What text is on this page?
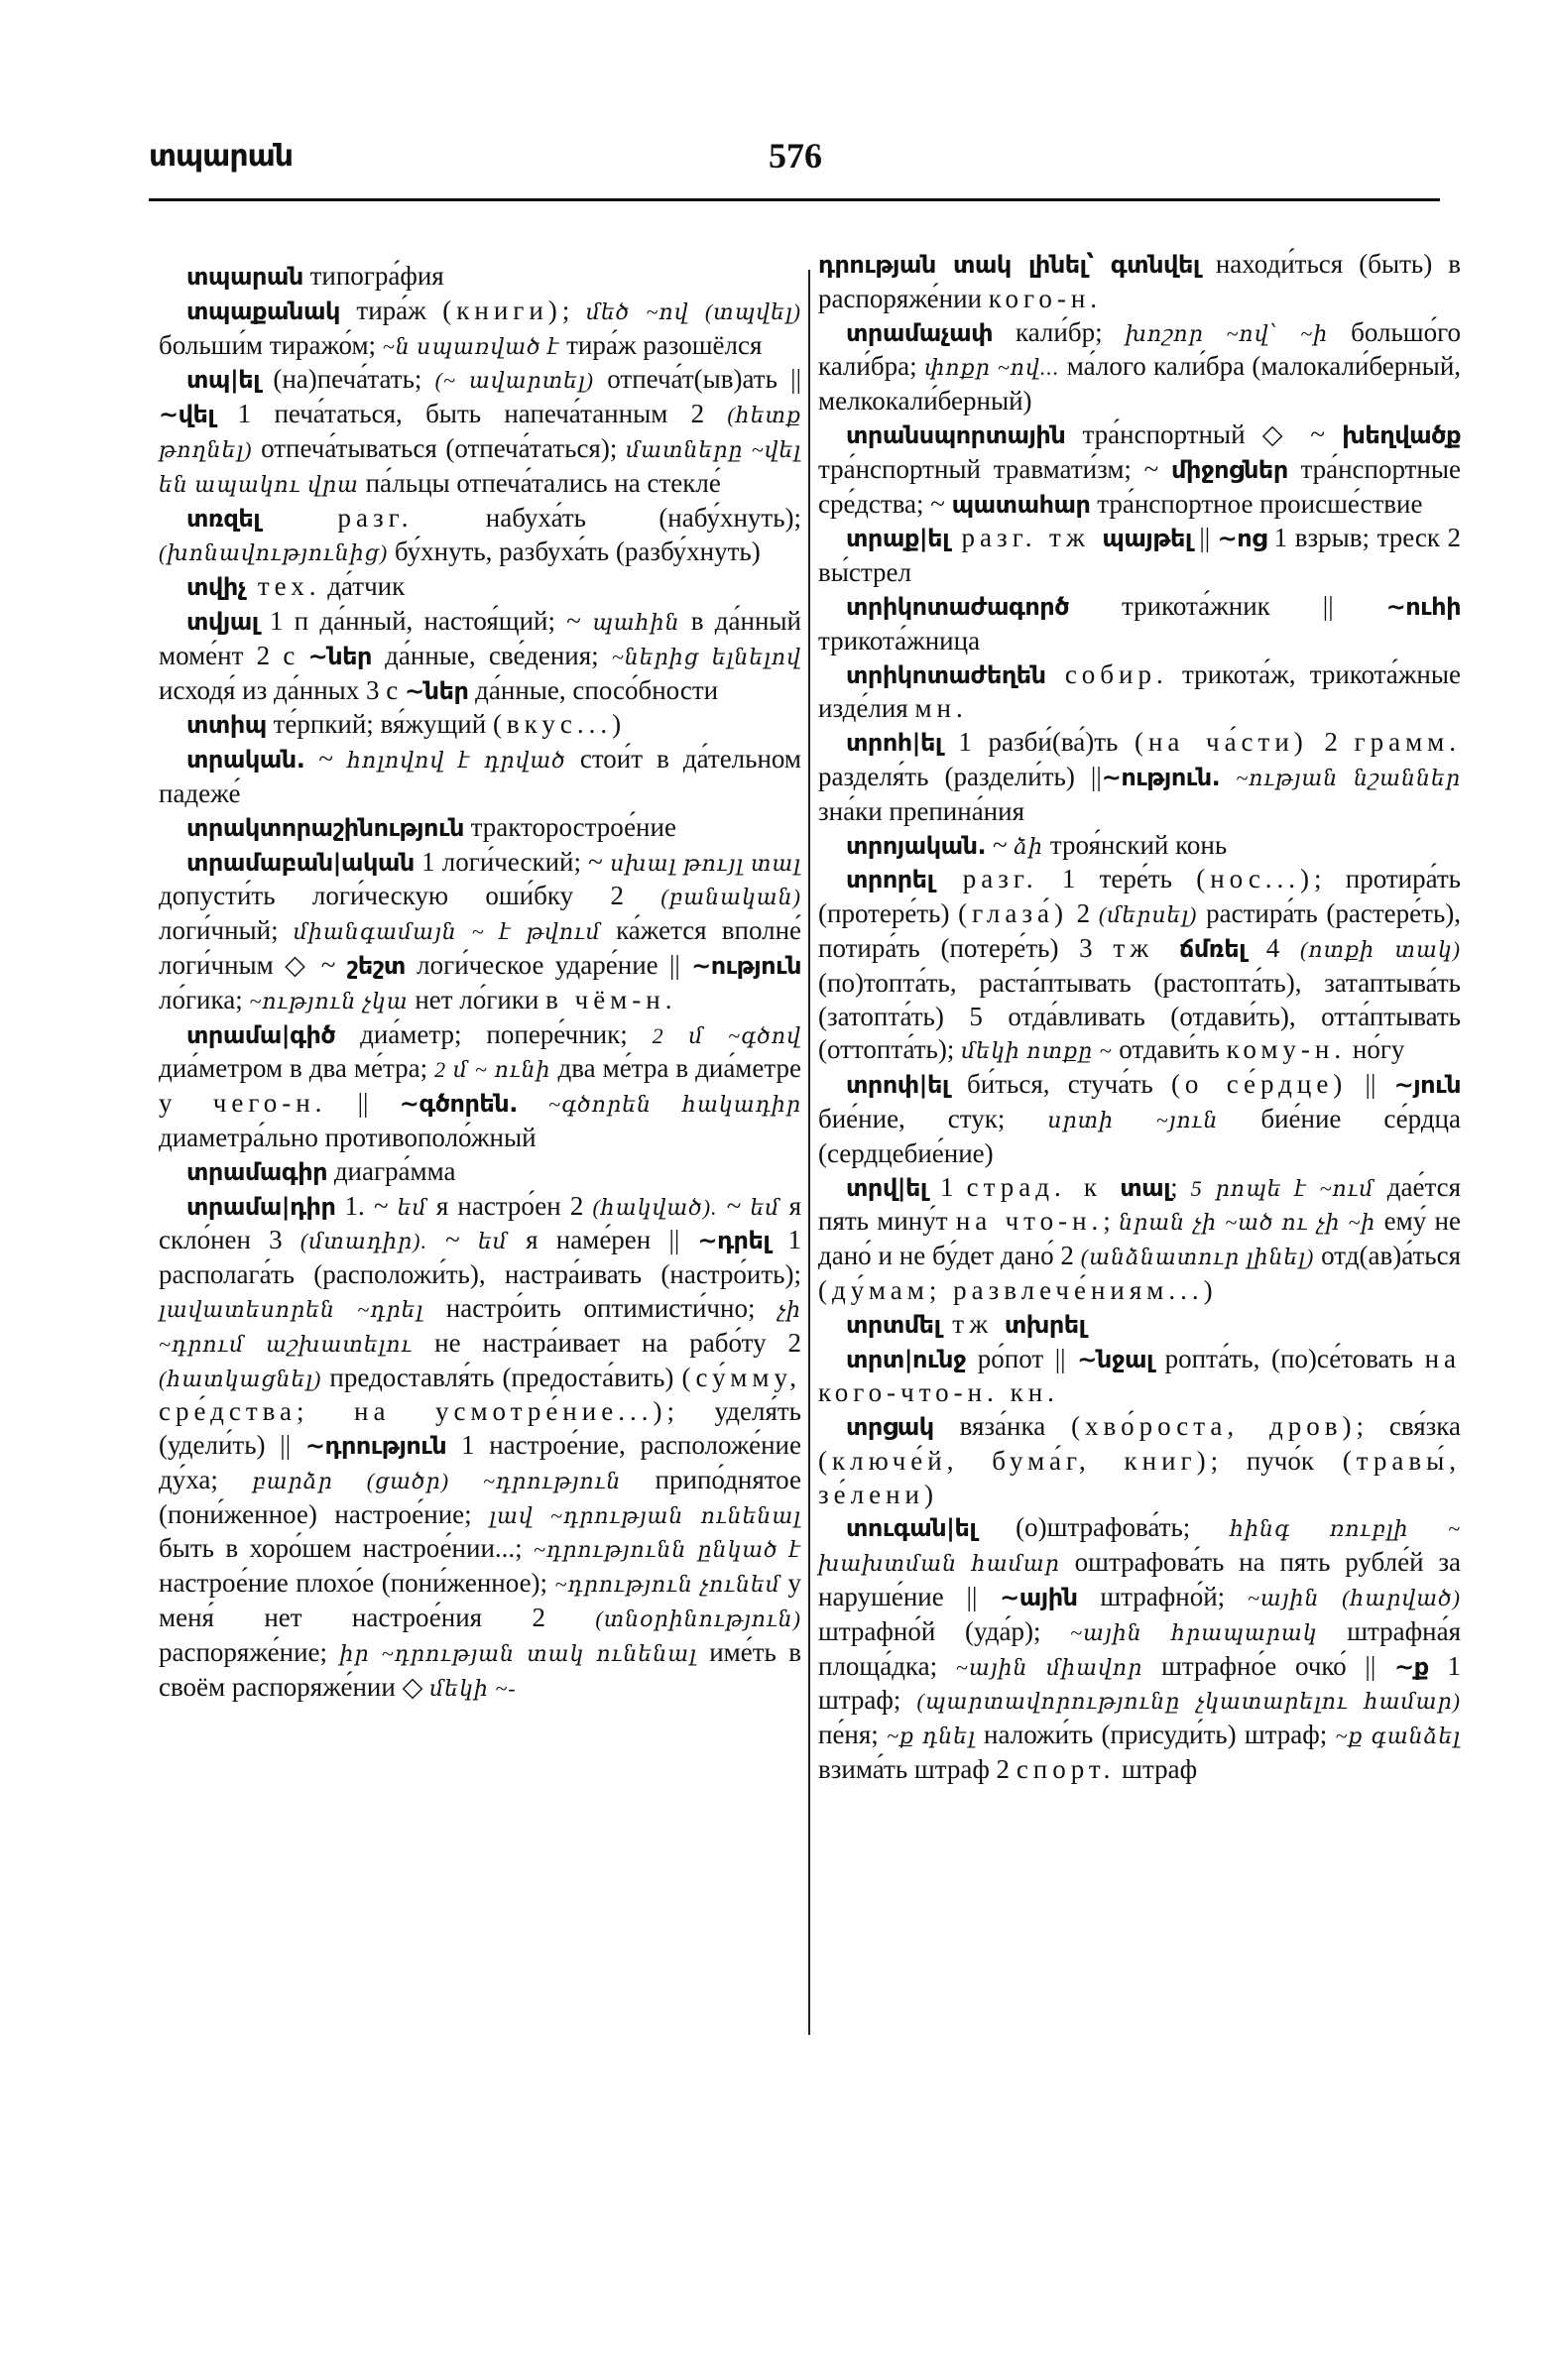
տպարան	576

տպարան типогра́фия

տպաքանակ тира́ж (книги); մեծ ~ով (տպվել) больши́м тиражо́м; ~ն սպառված է тира́ж разошёлся

տպ|ել (на)печа́тать; (~ ավարտել) отпеча́т(ыв)ать || ~վել 1 печа́таться, быть напеча́танным 2 (հետք թողնել) отпеча́тываться (отпеча́таться); մատները ~վել են ապակու վրա па́льцы отпеча́тались на стекле́

տռզել разг. набуха́ть (набу́хнуть); (խոնավությունից) бу́хнуть, разбуха́ть (разбу́хнуть)

տվիչ тех. да́тчик

տվյալ 1 п да́нный, настоя́щий; ~ պահին в да́нный моме́нт 2 с ~ներ да́нные, све́дения; ~ներից ելնելով исходя́ из да́нных 3 с ~ներ да́нные, спосо́бности

տտիպ те́рпкий; вя́жущий (вкус...)

տրական. ~ հոլովով է դրված стои́т в да́тельном падеже́

տրակտորաշինություն тракторострое́ние

տրամաբան|ական 1 логи́ческий; ~ սխալ թույլ տալ допусти́ть логи́ческую оши́бку 2 (բանական) логи́чный; միանգամայն ~ է թվում ка́жется вполне́ логи́чным ◇ ~ շեշտ логи́ческое ударе́ние || ~ություն ло́гика; ~ություն չկա нет ло́гики в чём-н.

տրամա|գիծ диа́метр; попере́чник; 2 մ ~գծով диа́метром в два ме́тра; 2 մ ~ ունի два ме́тра в диа́метре у чего-н. || ~գծորեն. ~գծորեն հակադիր диаметра́льно противополо́жный

տրամագիր диагра́мма

տրամա|դիր 1. ~ եմ я настро́ен 2 (հակված). ~ եմ я скло́нен 3 (մտադիր). ~ եմ я наме́рен || ~դրել 1 располага́ть (расположи́ть), настра́ивать (настро́ить); լավատեսորեն ~դրել настро́ить оптимисти́чно; չի ~դրում աշխատելու не настра́ивает на рабо́ту 2 (հատկացնել) предоставля́ть (предоста́вить) (су́мму, сре́дства; на усмотре́ние...); уделя́ть (удели́ть) || ~դրություն 1 настрое́ние, расположе́ние ду́ха; բարձր (ցածր) ~դրություն припо́днятое (пони́женное) настрое́ние; լավ ~դրության ունենալ быть в хоро́шем настрое́нии...; ~դրությունն ընկած է настрое́ние плохо́е (пони́женное); ~դրություն չունեմ у меня́ нет настрое́ния 2 (տնօրինություն) распоряже́ние; իր ~դրության տակ ունենալ име́ть в своём распоряже́нии ◇ մեկի ~-

դրության տակ լինել՝ գտնվել находи́ться (быть) в распоряже́нии кого-н.

տրամաչափ кали́бр; խոշոր ~ով՝ ~ի большо́го кали́бра; փոքր ~ով... ма́лого кали́бра (малокали́берный, мелкокали́берный)

տրանսպորտային тра́нспортный ◇ ~ խեղվածք тра́нспортный травмати́зм; ~ միջոցներ тра́нспортные сре́дства; ~ պատահար тра́нспортное происше́ствие

տրաք|ել разг. тж պայթել || ~ոց 1 взрыв; треск 2 вы́стрел

տրիկոտաժագործ трикота́жник || ~ուհի трикота́жница

տրիկոտաժեղեն собир. трикота́ж, трикота́жные изде́лия мн.

տրոհ|ել 1 разби́(ва́)ть (на ча́сти) 2 грамм. разделя́ть (раздели́ть) ||~ություն. ~ության նշաններ зна́ки препина́ния

տրոյական. ~ ձի троя́нский конь

տրորել разг. 1 тере́ть (нос...); протира́ть (протере́ть) (глаза́) 2 (մերսել) растира́ть (растере́ть), потира́ть (потере́ть) 3 тж ճմռել 4 (ոտքի տակ) (по)топта́ть, раста́птывать (растопта́ть), затаптыва́ть (затопта́ть) 5 отда́вливать (отдави́ть), отта́птывать (оттопта́ть); մեկի ոտքը ~ отдави́ть кому-н. но́гу

տրոփ|ել би́ться, стуча́ть (о се́рдце) || ~յուն бие́ние, стук; սրտի ~յուն бие́ние се́рдца (сердцебие́ние)

տրվ|ել 1 страд. к տալ; 5 րոպե է ~ում дае́тся пять мину́т на что-н.; նրան չի ~ած ու չի ~ի ему́ не дано́ и не бу́дет дано́ 2 (անձնատուր լինել) отд(ав)а́ться (ду́мам; развлече́ниям...)

տրտմել тж տխրել

տրտ|ունջ ро́пот || ~նջալ ропта́ть, (по)се́товать на кого-что-н. кн.

տրցակ вяза́нка (хво́роста, дров); свя́зка (ключе́й, бума́г, книг); пучо́к (травы́, зе́лени)

տուգան|ել (о)штрафова́ть; հինգ ռուբլի ~ խախտման համար оштрафова́ть на пять рубле́й за наруше́ние || ~ային штрафно́й; ~ային (հարված) штрафно́й (уда́р); ~ային հրապարակ штрафна́я площа́дка; ~ային միավոր штрафно́е очко́ || ~ք 1 штраф; (պարտավորությունը չկատարելու համար) пе́ня; ~ք դնել наложи́ть (присуди́ть) штраф; ~ք գանձել взима́ть штраф 2 спорт. штраф
